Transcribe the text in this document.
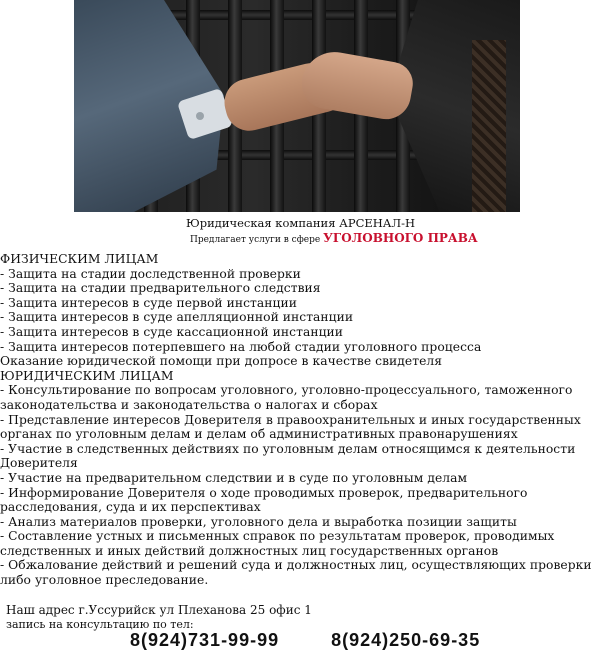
Юридическая компания АРСЕНАЛ-Н
Предлагает услуги в сфере УГОЛОВНОГО ПРАВА
ФИЗИЧЕСКИМ ЛИЦАМ
- Защита на стадии доследственной проверки
- Защита на стадии предварительного следствия
- Защита интересов в суде первой инстанции
- Защита интересов в суде апелляционной инстанции
- Защита интересов в суде кассационной инстанции
- Защита интересов потерпевшего на любой стадии уголовного процесса
Оказание юридической помощи при допросе в качестве свидетеля
ЮРИДИЧЕСКИМ ЛИЦАМ
- Консультирование по вопросам уголовного, уголовно-процессуального, таможенного
законодательства и законодательства о налогах и сборах
- Представление интересов Доверителя в правоохранительных и иных государственных
органах по уголовным делам и делам об административных правонарушениях
- Участие в следственных действиях по уголовным делам относящимся к деятельности
Доверителя
- Участие на предварительном следствии и в суде по уголовным делам
- Информирование Доверителя о ходе проводимых проверок, предварительного
расследования, суда и их перспективах
- Анализ материалов проверки, уголовного дела и выработка позиции защиты
- Составление устных и письменных справок по результатам проверок, проводимых
следственных и иных действий должностных лиц государственных органов
- Обжалование действий и решений суда и должностных лиц, осуществляющих проверки
либо уголовное преследование.
Наш адрес г.Уссурийск ул Плеханова 25 офис 1
запись на консультацию по тел:
8(924)731-99-99	8(924)250-69-35
